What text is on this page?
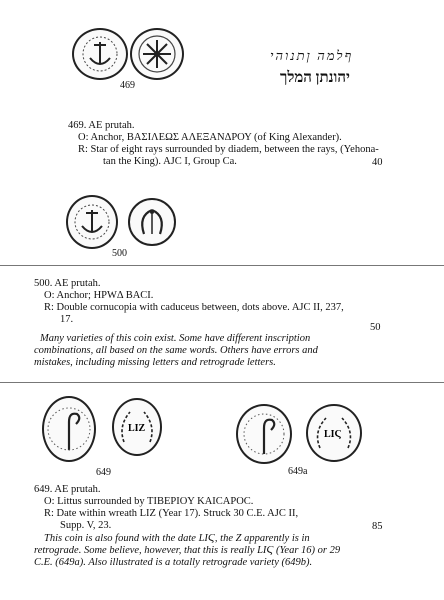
469
ףלמה ןתנוהי
יהונתן המלך
469. AE prutah.
O: Anchor, ΒΑΣΙΛΕΩΣ ΑΛΕΞΑΝΔΡΟΥ (of King Alexander).
R: Star of eight rays surrounded by diadem, between the rays, (Yehona-
tan the King). AJC I, Group Ca.	40
500
500. AE prutah.
O: Anchor; HPWΔ BACI.
R: Double cornucopia with caduceus between, dots above. AJC II, 237,
17.
50
Many varieties of this coin exist. Some have different inscription
combinations, all based on the same words. Others have errors and
mistakes, including missing letters and retrograde letters.
LIZ
649
LIϚ
649a
649. AE prutah.
O: Littus surrounded by TIBEPIOY KAICAPOC.
R: Date within wreath LIZ (Year 17). Struck 30 C.E. AJC II,
Supp. V, 23.	85
This coin is also found with the date LIϚ, the Z apparently is in
retrograde. Some believe, however, that this is really LIϚ (Year 16) or 29
C.E. (649a). Also illustrated is a totally retrograde variety (649b).
